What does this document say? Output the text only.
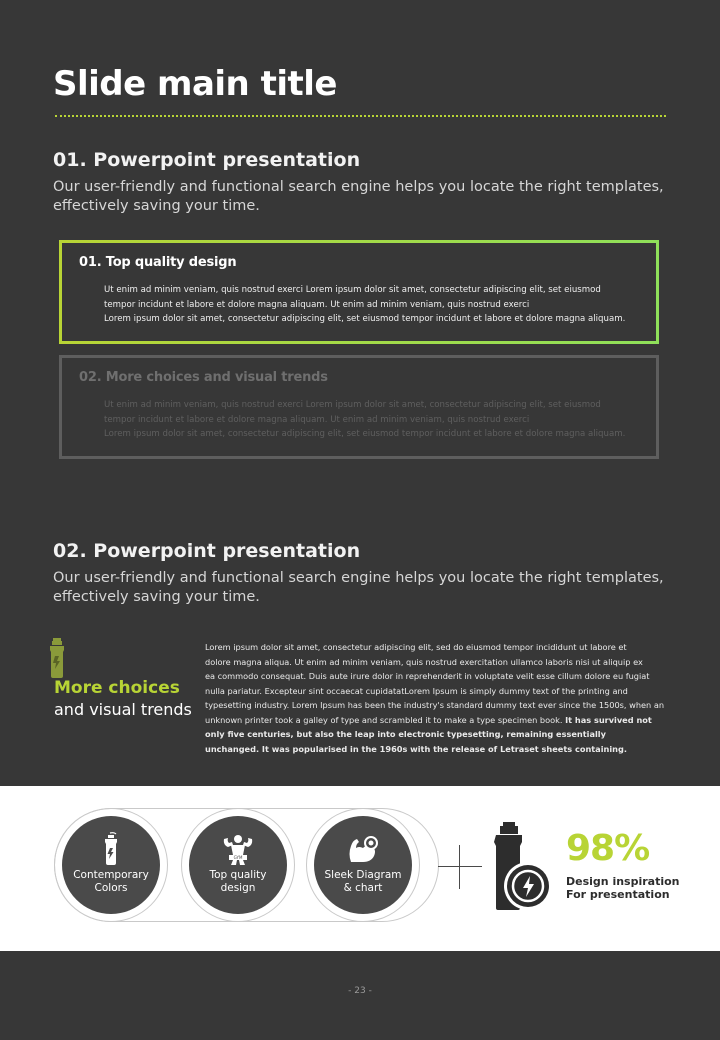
Slide main title
01. Powerpoint presentation

Our user-friendly and functional search engine helps you locate the right templates,
effectively saving your time.

01. Top quality design
Ut enim ad minim veniam, quis nostrud exerci Lorem ipsum dolor sit amet, consectetur adipiscing elit, set eiusmod
tempor incidunt et labore et dolore magna aliquam. Ut enim ad minim veniam, quis nostrud exerci
Lorem ipsum dolor sit amet, consectetur adipiscing elit, set eiusmod tempor incidunt et labore et dolore magna aliquam.
02. More choices and visual trends
Ut enim ad minim veniam, quis nostrud exerci Lorem ipsum dolor sit amet, consectetur adipiscing elit, set eiusmod
tempor incidunt et labore et dolore magna aliquam. Ut enim ad minim veniam, quis nostrud exerci
Lorem ipsum dolor sit amet, consectetur adipiscing elit, set eiusmod tempor incidunt et labore et dolore magna aliquam.
02. Powerpoint presentation

Our user-friendly and functional search engine helps you locate the right templates,
effectively saving your time.

More choices

and visual trends

Lorem ipsum dolor sit amet, consectetur adipiscing elit, sed do eiusmod tempor incididunt ut labore et
dolore magna aliqua. Ut enim ad minim veniam, quis nostrud exercitation ullamco laboris nisi ut aliquip ex
ea commodo consequat. Duis aute irure dolor in reprehenderit in voluptate velit esse cillum dolore eu fugiat
nulla pariatur. Excepteur sint occaecat cupidatatLorem Ipsum is simply dummy text of the printing and
typesetting industry. Lorem Ipsum has been the industry's standard dummy text ever since the 1500s, when an
unknown printer took a galley of type and scrambled it to make a type specimen book. It has survived not
only five centuries, but also the leap into electronic typesetting, remaining essentially
unchanged. It was popularised in the 1960s with the release of Letraset sheets containing.
Contemporary
Colors
GYM
Top quality
design
Sleek Diagram
& chart

98%

Design inspiration
For presentation
- 23 -
